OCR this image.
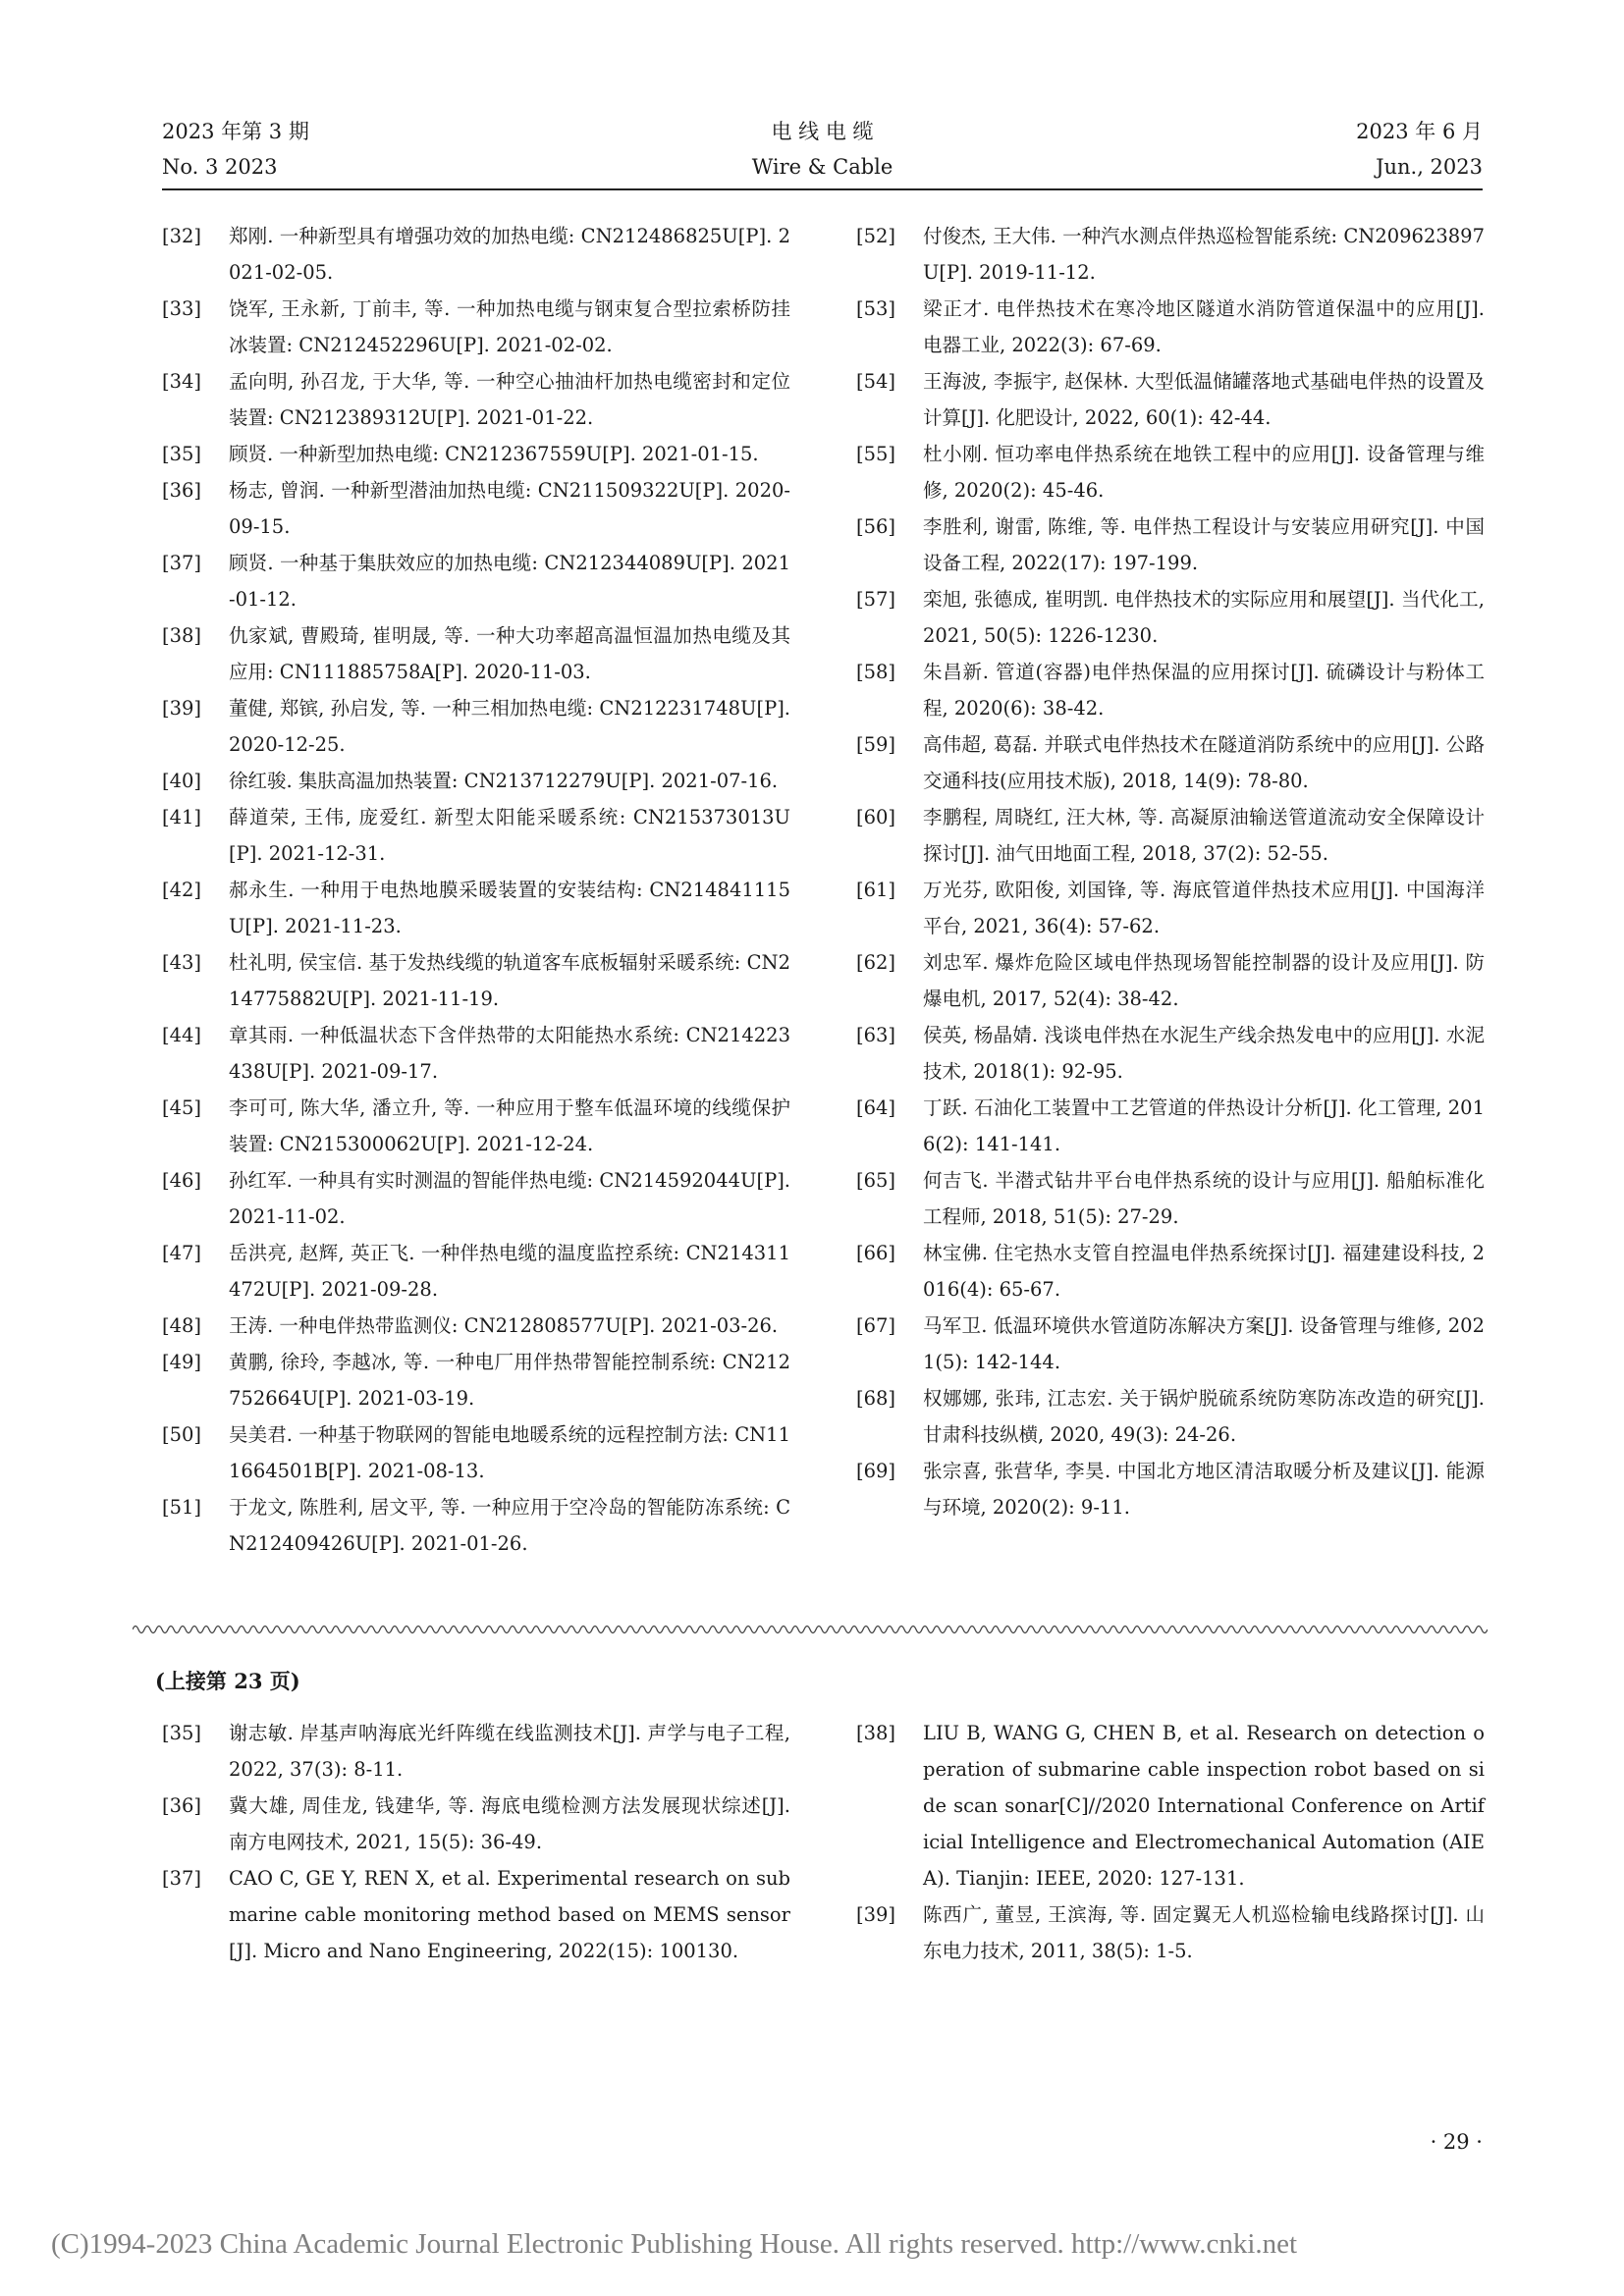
2023 年第 3 期
No. 3 2023
电 线 电 缆
Wire & Cable
2023 年 6 月
Jun., 2023
[32] 郑刚. 一种新型具有增强功效的加热电缆: CN212486825U[P]. 2021-02-05.
[33] 饶军, 王永新, 丁前丰, 等. 一种加热电缆与钢束复合型拉索桥防挂冰装置: CN212452296U[P]. 2021-02-02.
[34] 孟向明, 孙召龙, 于大华, 等. 一种空心抽油杆加热电缆密封和定位装置: CN212389312U[P]. 2021-01-22.
[35] 顾贤. 一种新型加热电缆: CN212367559U[P]. 2021-01-15.
[36] 杨志, 曾润. 一种新型潜油加热电缆: CN211509322U[P]. 2020-09-15.
[37] 顾贤. 一种基于集肤效应的加热电缆: CN212344089U[P]. 2021-01-12.
[38] 仇家斌, 曹殿琦, 崔明晟, 等. 一种大功率超高温恒温加热电缆及其应用: CN111885758A[P]. 2020-11-03.
[39] 董健, 郑镔, 孙启发, 等. 一种三相加热电缆: CN212231748U[P]. 2020-12-25.
[40] 徐红骏. 集肤高温加热装置: CN213712279U[P]. 2021-07-16.
[41] 薛道荣, 王伟, 庞爱红. 新型太阳能采暖系统: CN215373013U[P]. 2021-12-31.
[42] 郝永生. 一种用于电热地膜采暖装置的安装结构: CN214841115U[P]. 2021-11-23.
[43] 杜礼明, 侯宝信. 基于发热线缆的轨道客车底板辐射采暖系统: CN214775882U[P]. 2021-11-19.
[44] 章其雨. 一种低温状态下含伴热带的太阳能热水系统: CN214223438U[P]. 2021-09-17.
[45] 李可可, 陈大华, 潘立升, 等. 一种应用于整车低温环境的线缆保护装置: CN215300062U[P]. 2021-12-24.
[46] 孙红军. 一种具有实时测温的智能伴热电缆: CN214592044U[P]. 2021-11-02.
[47] 岳洪亮, 赵辉, 英正飞. 一种伴热电缆的温度监控系统: CN214311472U[P]. 2021-09-28.
[48] 王涛. 一种电伴热带监测仪: CN212808577U[P]. 2021-03-26.
[49] 黄鹏, 徐玲, 李越冰, 等. 一种电厂用伴热带智能控制系统: CN212752664U[P]. 2021-03-19.
[50] 吴美君. 一种基于物联网的智能电地暖系统的远程控制方法: CN111664501B[P]. 2021-08-13.
[51] 于龙文, 陈胜利, 居文平, 等. 一种应用于空冷岛的智能防冻系统: CN212409426U[P]. 2021-01-26.
[52] 付俊杰, 王大伟. 一种汽水测点伴热巡检智能系统: CN209623897U[P]. 2019-11-12.
[53] 梁正才. 电伴热技术在寒冷地区隧道水消防管道保温中的应用[J]. 电器工业, 2022(3): 67-69.
[54] 王海波, 李振宇, 赵保林. 大型低温储罐落地式基础电伴热的设置及计算[J]. 化肥设计, 2022, 60(1): 42-44.
[55] 杜小刚. 恒功率电伴热系统在地铁工程中的应用[J]. 设备管理与维修, 2020(2): 45-46.
[56] 李胜利, 谢雷, 陈维, 等. 电伴热工程设计与安装应用研究[J]. 中国设备工程, 2022(17): 197-199.
[57] 栾旭, 张德成, 崔明凯. 电伴热技术的实际应用和展望[J]. 当代化工, 2021, 50(5): 1226-1230.
[58] 朱昌新. 管道(容器)电伴热保温的应用探讨[J]. 硫磷设计与粉体工程, 2020(6): 38-42.
[59] 高伟超, 葛磊. 并联式电伴热技术在隧道消防系统中的应用[J]. 公路交通科技(应用技术版), 2018, 14(9): 78-80.
[60] 李鹏程, 周晓红, 汪大林, 等. 高凝原油输送管道流动安全保障设计探讨[J]. 油气田地面工程, 2018, 37(2): 52-55.
[61] 万光芬, 欧阳俊, 刘国锋, 等. 海底管道伴热技术应用[J]. 中国海洋平台, 2021, 36(4): 57-62.
[62] 刘忠军. 爆炸危险区域电伴热现场智能控制器的设计及应用[J]. 防爆电机, 2017, 52(4): 38-42.
[63] 侯英, 杨晶婧. 浅谈电伴热在水泥生产线余热发电中的应用[J]. 水泥技术, 2018(1): 92-95.
[64] 丁跃. 石油化工装置中工艺管道的伴热设计分析[J]. 化工管理, 2016(2): 141-141.
[65] 何吉飞. 半潜式钻井平台电伴热系统的设计与应用[J]. 船舶标准化工程师, 2018, 51(5): 27-29.
[66] 林宝佛. 住宅热水支管自控温电伴热系统探讨[J]. 福建建设科技, 2016(4): 65-67.
[67] 马军卫. 低温环境供水管道防冻解决方案[J]. 设备管理与维修, 2021(5): 142-144.
[68] 权娜娜, 张玮, 江志宏. 关于锅炉脱硫系统防寒防冻改造的研究[J]. 甘肃科技纵横, 2020, 49(3): 24-26.
[69] 张宗喜, 张营华, 李昊. 中国北方地区清洁取暖分析及建议[J]. 能源与环境, 2020(2): 9-11.
(上接第 23 页)
[35] 谢志敏. 岸基声呐海底光纤阵缆在线监测技术[J]. 声学与电子工程, 2022, 37(3): 8-11.
[36] 冀大雄, 周佳龙, 钱建华, 等. 海底电缆检测方法发展现状综述[J]. 南方电网技术, 2021, 15(5): 36-49.
[37] CAO C, GE Y, REN X, et al. Experimental research on submarine cable monitoring method based on MEMS sensor[J]. Micro and Nano Engineering, 2022(15): 100130.
[38] LIU B, WANG G, CHEN B, et al. Research on detection operation of submarine cable inspection robot based on side scan sonar[C]//2020 International Conference on Artificial Intelligence and Electromechanical Automation (AIEA). Tianjin: IEEE, 2020: 127-131.
[39] 陈西广, 董昱, 王滨海, 等. 固定翼无人机巡检输电线路探讨[J]. 山东电力技术, 2011, 38(5): 1-5.
· 29 ·
(C)1994-2023 China Academic Journal Electronic Publishing House. All rights reserved. http://www.cnki.net
